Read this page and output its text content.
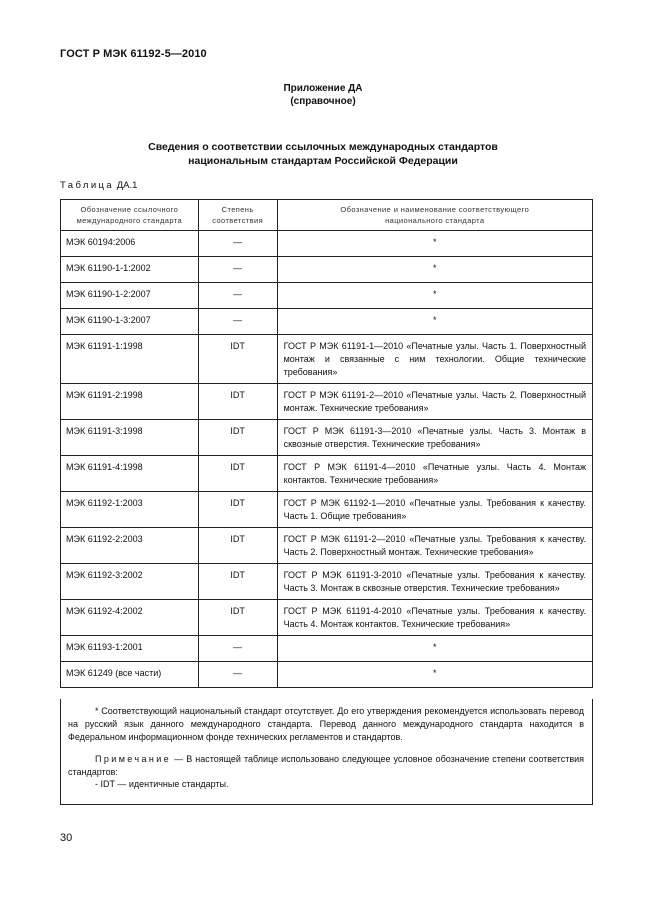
ГОСТ Р МЭК 61192-5—2010
Приложение ДА
(справочное)
Сведения о соответствии ссылочных международных стандартов
национальным стандартам Российской Федерации
Таблица ДА.1
Обозначение ссылочного международного стандарта	Степень соответствия	Обозначение и наименование соответствующего национального стандарта
МЭК 60194:2006	—	*
МЭК 61190-1-1:2002	—	*
МЭК 61190-1-2:2007	—	*
МЭК 61190-1-3:2007	—	*
МЭК 61191-1:1998	IDT	ГОСТ Р МЭК 61191-1—2010 «Печатные узлы. Часть 1. Поверхностный монтаж и связанные с ним технологии. Общие технические требования»
МЭК 61191-2:1998	IDT	ГОСТ Р МЭК 61191-2—2010 «Печатные узлы. Часть 2. Поверхностный монтаж. Технические требования»
МЭК 61191-3:1998	IDT	ГОСТ Р МЭК 61191-3—2010 «Печатные узлы. Часть 3. Монтаж в сквозные отверстия. Технические требования»
МЭК 61191-4:1998	IDT	ГОСТ Р МЭК 61191-4—2010 «Печатные узлы. Часть 4. Монтаж контактов. Технические требования»
МЭК 61192-1:2003	IDT	ГОСТ Р МЭК 61192-1—2010 «Печатные узлы. Требования к качеству. Часть 1. Общие требования»
МЭК 61192-2:2003	IDT	ГОСТ Р МЭК 61191-2—2010 «Печатные узлы. Требования к качеству. Часть 2. Поверхностный монтаж. Технические требования»
МЭК 61192-3:2002	IDT	ГОСТ Р МЭК 61191-3-2010 «Печатные узлы. Требования к качеству. Часть 3. Монтаж в сквозные отверстия. Технические требования»
МЭК 61192-4:2002	IDT	ГОСТ Р МЭК 61191-4-2010 «Печатные узлы. Требования к качеству. Часть 4. Монтаж контактов. Технические требования»
МЭК 61193-1:2001	—	*
МЭК 61249 (все части)	—	*
* Соответствующий национальный стандарт отсутствует. До его утверждения рекомендуется использовать перевод на русский язык данного международного стандарта. Перевод данного международного стандарта находится в Федеральном информационном фонде технических регламентов и стандартов.
Примечание — В настоящей таблице использовано следующее условное обозначение степени соответствия стандартов:
- IDT — идентичные стандарты.
30
